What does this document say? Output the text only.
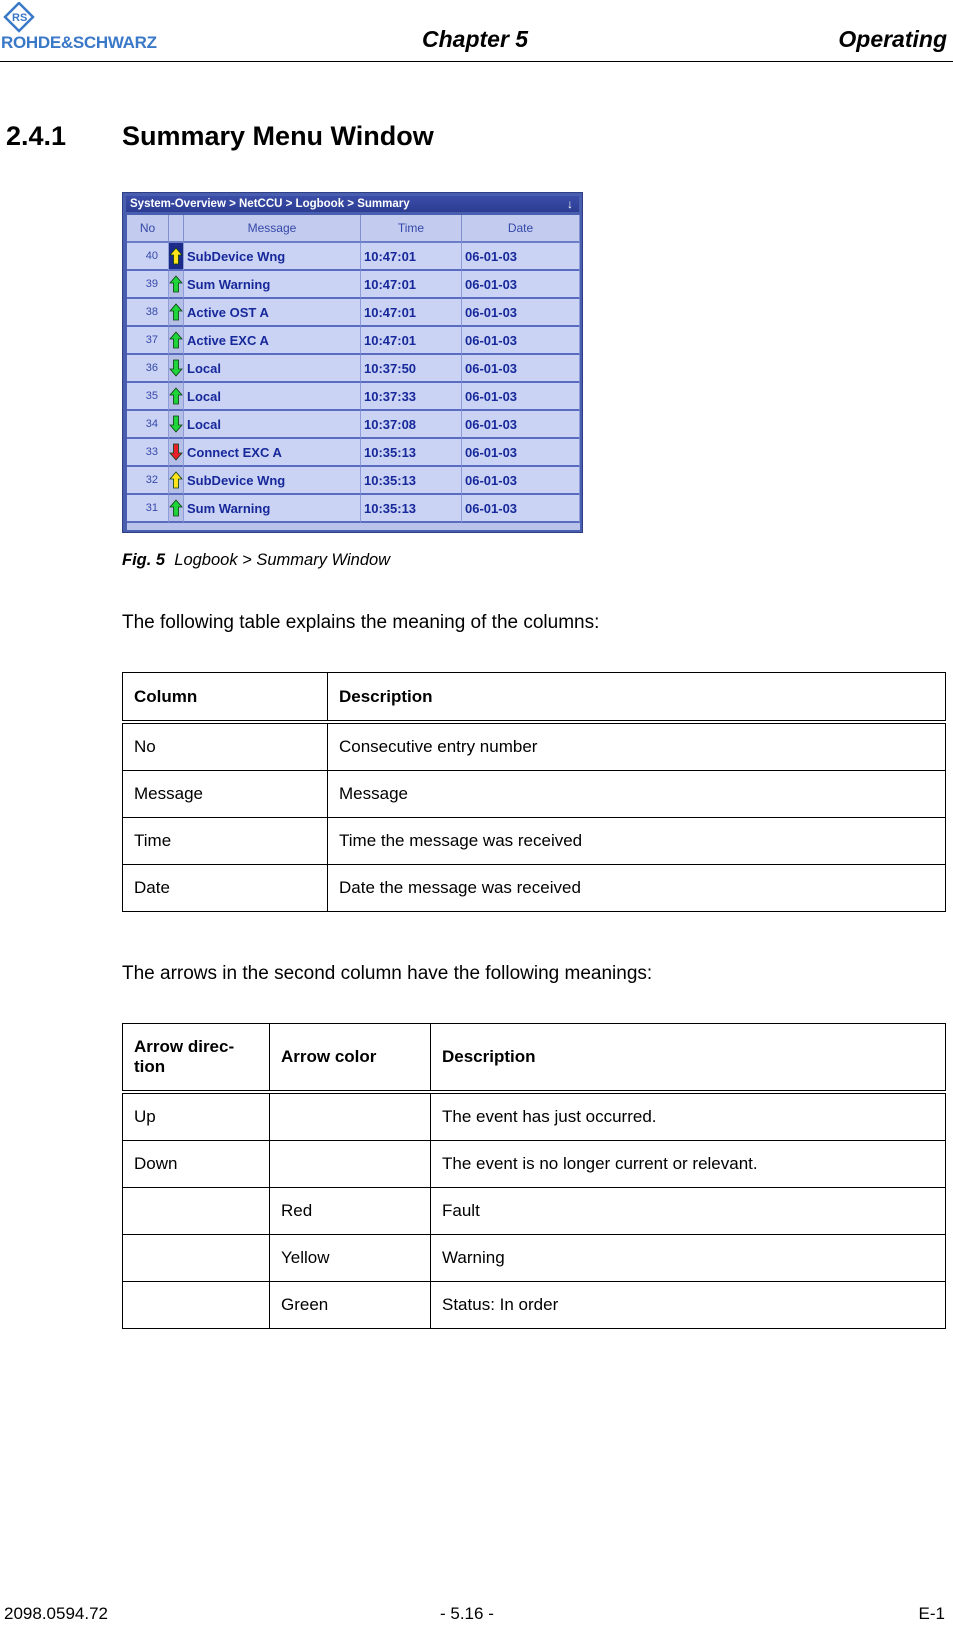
RS
ROHDE&SCHWARZ	Chapter 5	Operating
2.4.1 Summary Menu Window
System-Overview > NetCCU > Logbook > Summary	↓
No		Message	Time	Date
40		SubDevice Wng	10:47:01	06-01-03
39		Sum Warning	10:47:01	06-01-03
38		Active OST A	10:47:01	06-01-03
37		Active EXC A	10:47:01	06-01-03
36		Local	10:37:50	06-01-03
35		Local	10:37:33	06-01-03
34		Local	10:37:08	06-01-03
33		Connect EXC A	10:35:13	06-01-03
32		SubDevice Wng	10:35:13	06-01-03
31		Sum Warning	10:35:13	06-01-03
Fig. 5 Logbook > Summary Window
The following table explains the meaning of the columns:
Column	Description
No	Consecutive entry number
Message	Message
Time	Time the message was received
Date	Date the message was received
The arrows in the second column have the following meanings:
Arrow direc-
tion	Arrow color	Description
Up		The event has just occurred.
Down		The event is no longer current or relevant.
	Red	Fault
	Yellow	Warning
	Green	Status: In order
2098.0594.72	- 5.16 -	E-1
